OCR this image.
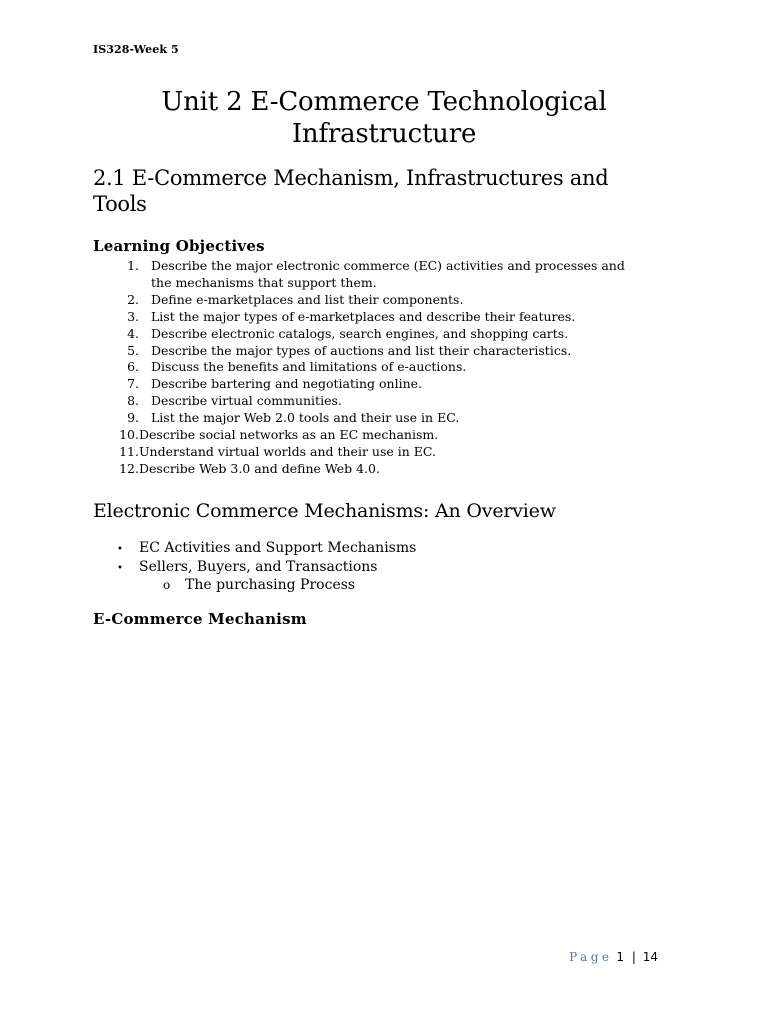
IS328-Week 5
Unit 2 E-Commerce Technological
Infrastructure
2.1 E-Commerce Mechanism, Infrastructures and
Tools
Learning Objectives
1. Describe the major electronic commerce (EC) activities and processes and
the mechanisms that support them.
2. Define e-marketplaces and list their components.
3. List the major types of e-marketplaces and describe their features.
4. Describe electronic catalogs, search engines, and shopping carts.
5. Describe the major types of auctions and list their characteristics.
6. Discuss the benefits and limitations of e-auctions.
7. Describe bartering and negotiating online.
8. Describe virtual communities.
9. List the major Web 2.0 tools and their use in EC.
10. Describe social networks as an EC mechanism.
11. Understand virtual worlds and their use in EC.
12. Describe Web 3.0 and define Web 4.0.
Electronic Commerce Mechanisms: An Overview
•	EC Activities and Support Mechanisms
•	Sellers, Buyers, and Transactions
o	The purchasing Process
E-Commerce Mechanism
Page 1 | 14
